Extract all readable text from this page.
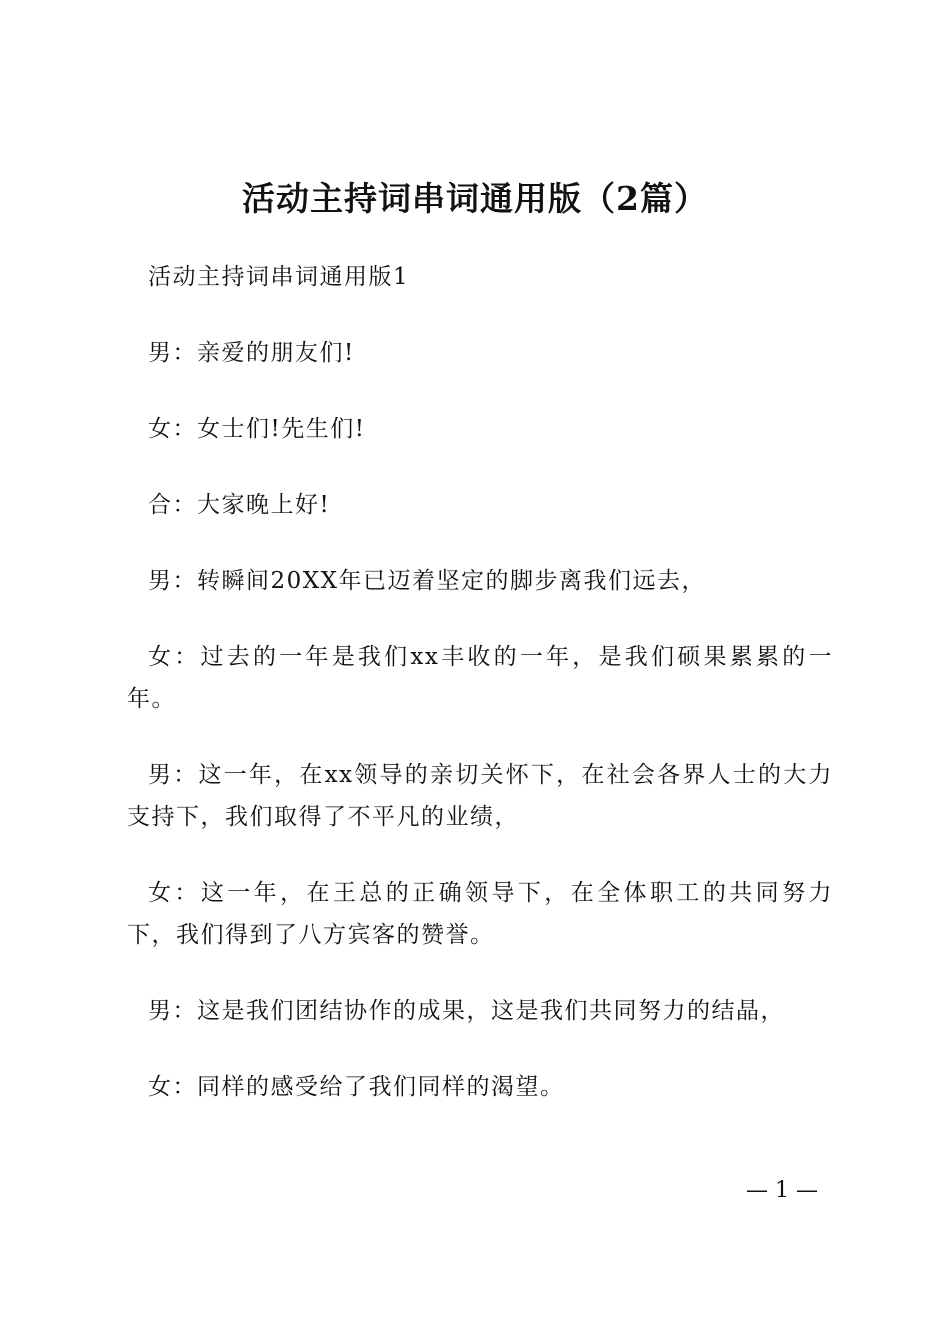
活动主持词串词通用版（2篇）

活动主持词串词通用版1

男：亲爱的朋友们!

女：女士们!先生们!

合：大家晚上好!

男：转瞬间20XX年已迈着坚定的脚步离我们远去，

女：过去的一年是我们xx丰收的一年，是我们硕果累累的一年。

男：这一年，在xx领导的亲切关怀下，在社会各界人士的大力支持下，我们取得了不平凡的业绩，

女：这一年，在王总的正确领导下，在全体职工的共同努力下，我们得到了八方宾客的赞誉。

男：这是我们团结协作的成果，这是我们共同努力的结晶，

女：同样的感受给了我们同样的渴望。

— 1 —
